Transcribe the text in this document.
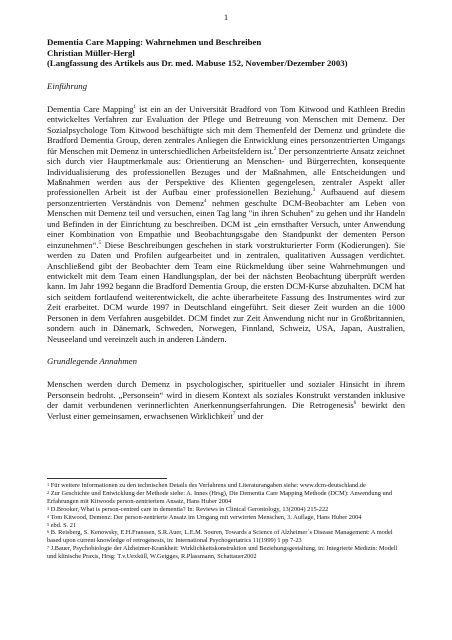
1

Dementia Care Mapping: Wahrnehmen und Beschreiben
Christian Müller-Hergl
(Langfassung des Artikels aus Dr. med. Mabuse 152, November/Dezember 2003)

Einführung

Dementia Care Mapping$^1$ ist ein an der Universität Bradford von Tom Kitwood und Kathleen Bredin entwickeltes Verfahren zur Evaluation der Pflege und Betreuung von Menschen mit Demenz. Der Sozialpsychologe Tom Kitwood beschäftigte sich mit dem Themenfeld der Demenz und gründete die Bradford Dementia Group, deren zentrales Anliegen die Entwicklung eines personzentrierten Umgangs für Menschen mit Demenz in unterschiedlichen Arbeitsfeldern ist.$^2$ Der personzentrierte Ansatz zeichnet sich durch vier Hauptmerkmale aus: Orientierung an Menschen- und Bürgerrechten, konsequente Individualisierung des professionellen Bezuges und der Maßnahmen, alle Entscheidungen und Maßnahmen werden aus der Perspektive des Klienten gegengelesen, zentraler Aspekt aller professionellen Arbeit ist der Aufbau einer professionellen Beziehung.$^3$ Aufbauend auf diesem personzentrierten Verständnis von Demenz$^4$ nehmen geschulte DCM-Beobachter am Leben von Menschen mit Demenz teil und versuchen, einen Tag lang "in ihren Schuhen" zu gehen und ihr Handeln und Befinden in der Einrichtung zu beschreiben. DCM ist „ein ernsthafter Versuch, unter Anwendung einer Kombination von Empathie und Beobachtungsgabe den Standpunkt der dementen Person einzunehmen“.$^5$ Diese Beschreibungen geschehen in stark vorstrukturierter Form (Kodierungen). Sie werden zu Daten und Profilen aufgearbeitet und in zentralen, qualitativen Aussagen verdichtet. Anschließend gibt der Beobachter dem Team eine Rückmeldung über seine Wahrnehmungen und entwickelt mit dem Team einen Handlungsplan, der bei der nächsten Beobachtung überprüft werden kann. Im Jahr 1992 begann die Bradford Dementia Group, die ersten DCM-Kurse abzuhalten. DCM hat sich seitdem fortlaufend weiterentwickelt, die achte überarbeitete Fassung des Instrumentes wird zur Zeit erarbeitet. DCM wurde 1997 in Deutschland eingeführt. Seit dieser Zeit wurden an die 1000 Personen in dem Verfahren ausgebildet. DCM findet zur Zeit Anwendung nicht nur in Großbritannien, sondern auch in Dänemark, Schweden, Norwegen, Finnland, Schweiz, USA, Japan, Australien, Neuseeland und vereinzelt auch in anderen Ländern.

Grundlegende Annahmen

Menschen werden durch Demenz in psychologischer, spiritueller und sozialer Hinsicht in ihrem Personsein bedroht. „Personsein“ wird in diesem Kontext als soziales Konstrukt verstanden inklusive der damit verbundenen verinnerlichten Anerkennungserfahrungen. Die Retrogenesis$^6$ bewirkt den Verlust einer gemeinsamen, erwachsenen Wirklichkeit$^7$ und der

$^1$ Für weitere Informationen zu den technischen Details des Verfahrens und Literaturangaben siehe: www.dcm-deutschland.de

$^2$ Zur Geschichte und Entwicklung der Methode siehe: A. Innes (Hrsg), Die Dementia Care Mapping Methode (DCM): Anwendung und Erfahrungen mit Kitwoods person-zentriertem Ansatz, Hans Huber 2004

$^3$ D.Brooker, What is person-centred care in dementia? In: Reviews in Clinical Gerontology, 13(2004) 215-222

$^4$ Tom Kitwood, Demenz: Der person-zentrierte Ansatz im Umgang mit verwirrten Menschen, 3. Auflage, Hans Huber 2004

$^5$ ebd. S. 21

$^6$ B. Reisberg, S. Kenowsky, E.H.Franssen, S.R.Auer, L.E.M. Souren, Towards a Science of Alzheimer´s Disease Management: A model based upon current knowledge of retrogenesis, in: International Psychogeriatrics 11(1999) 1 pp 7-23

$^7$ J.Bauer, Psychobiologie der Alzheimer-Krankheit: Wirklichkeitskonstruktion und Beziehungsgestaltung, in: Integrierte Medizin: Modell und klinische Praxis, Hrsg: T.v.Uexküll, W.Geigges, R.Plassmann, Schattauer2002
